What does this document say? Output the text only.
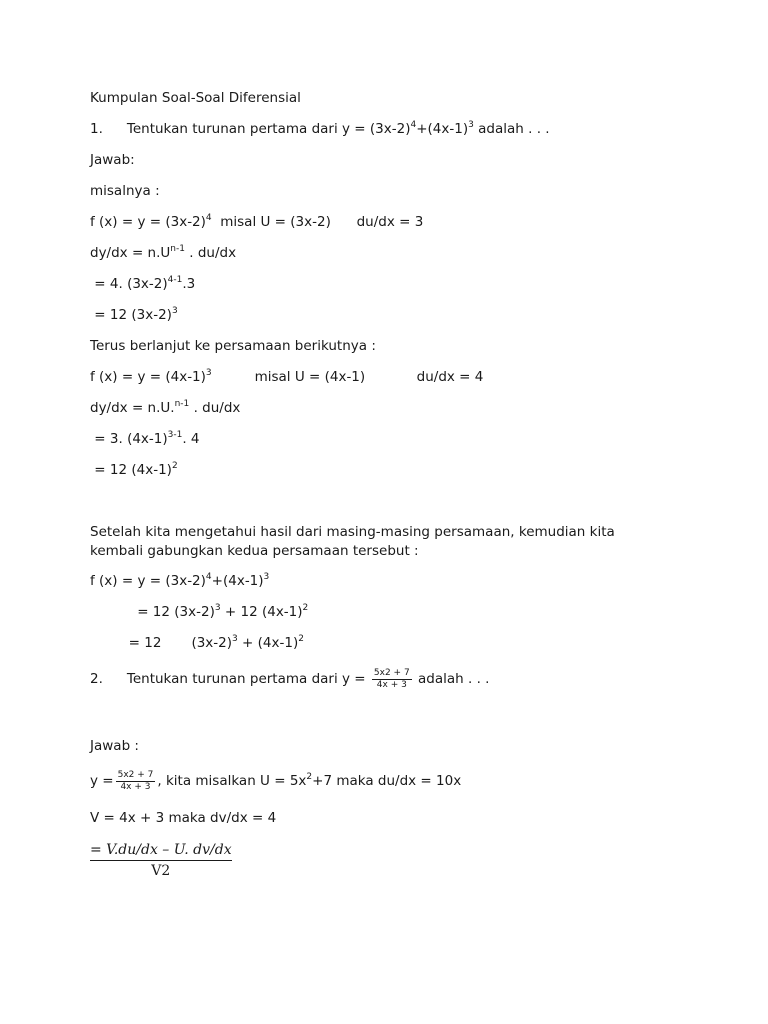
Kumpulan Soal-Soal Diferensial
1. Tentukan turunan pertama dari $y = (3x-2)^4+(4x-1)^3$ adalah . . .
Jawab:
misalnya :
f $(x) = y = (3x-2)^4$  misal U = (3x-2)      du/dx = 3
$dy/dx = n.U^{n-1}$ . du/dx
= 4. $(3x-2)^{4-1}.3$
= 12 $(3x-2)^3$
Terus berlanjut ke persamaan berikutnya :
f $(x) = y = (4x-1)^3$          misal U = (4x-1)            du/dx = 4
dy/dx = n.U.$^{n-1}$ . du/dx
= 3. $(4x-1)^{3-1}$. 4
= 12 $(4x-1)^2$
Setelah kita mengetahui hasil dari masing-masing persamaan, kemudian kita
kembali gabungkan kedua persamaan tersebut :
f $(x) = y = (3x-2)^4+(4x-1)^3$
= 12 $(3x-2)^3 + 12$ $(4x-1)^2$
= 12       $(3x-2)^3 + (4x-1)^2$
2. Tentukan turunan pertama dari $y = \frac{5x2 + 7}{4x + 3}$ adalah . . .
Jawab :
$y = \frac{5x2 + 7}{4x + 3}$ , kita misalkan $U = 5x^2+7$ maka du/dx = 10x
V = 4x + 3 maka dv/dx = 4
$\frac{= V.du/dx - U. dv/dx}{V2}$
